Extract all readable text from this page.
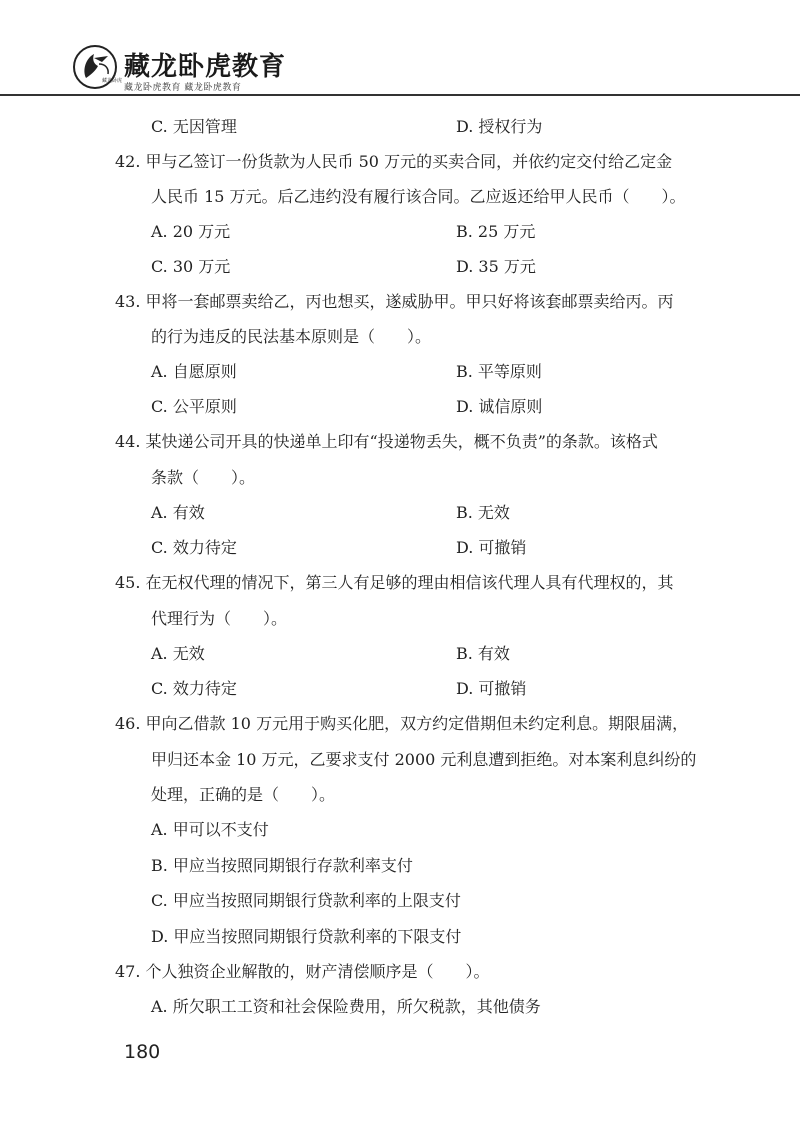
藏龙卧虎 藏龙卧虎教育
藏龙卧虎教育 藏龙卧虎教育
C. 无因管理	D. 授权行为
42. 甲与乙签订一份货款为人民币 50 万元的买卖合同，并依约定交付给乙定金
人民币 15 万元。后乙违约没有履行该合同。乙应返还给甲人民币（　　）。
A. 20 万元	B. 25 万元
C. 30 万元	D. 35 万元
43. 甲将一套邮票卖给乙，丙也想买，遂威胁甲。甲只好将该套邮票卖给丙。丙
的行为违反的民法基本原则是（　　）。
A. 自愿原则	B. 平等原则
C. 公平原则	D. 诚信原则
44. 某快递公司开具的快递单上印有“投递物丢失，概不负责”的条款。该格式
条款（　　）。
A. 有效	B. 无效
C. 效力待定	D. 可撤销
45. 在无权代理的情况下，第三人有足够的理由相信该代理人具有代理权的，其
代理行为（　　）。
A. 无效	B. 有效
C. 效力待定	D. 可撤销
46. 甲向乙借款 10 万元用于购买化肥，双方约定借期但未约定利息。期限届满，
甲归还本金 10 万元，乙要求支付 2000 元利息遭到拒绝。对本案利息纠纷的
处理，正确的是（　　）。
A. 甲可以不支付
B. 甲应当按照同期银行存款利率支付
C. 甲应当按照同期银行贷款利率的上限支付
D. 甲应当按照同期银行贷款利率的下限支付
47. 个人独资企业解散的，财产清偿顺序是（　　）。
A. 所欠职工工资和社会保险费用，所欠税款，其他债务
180
